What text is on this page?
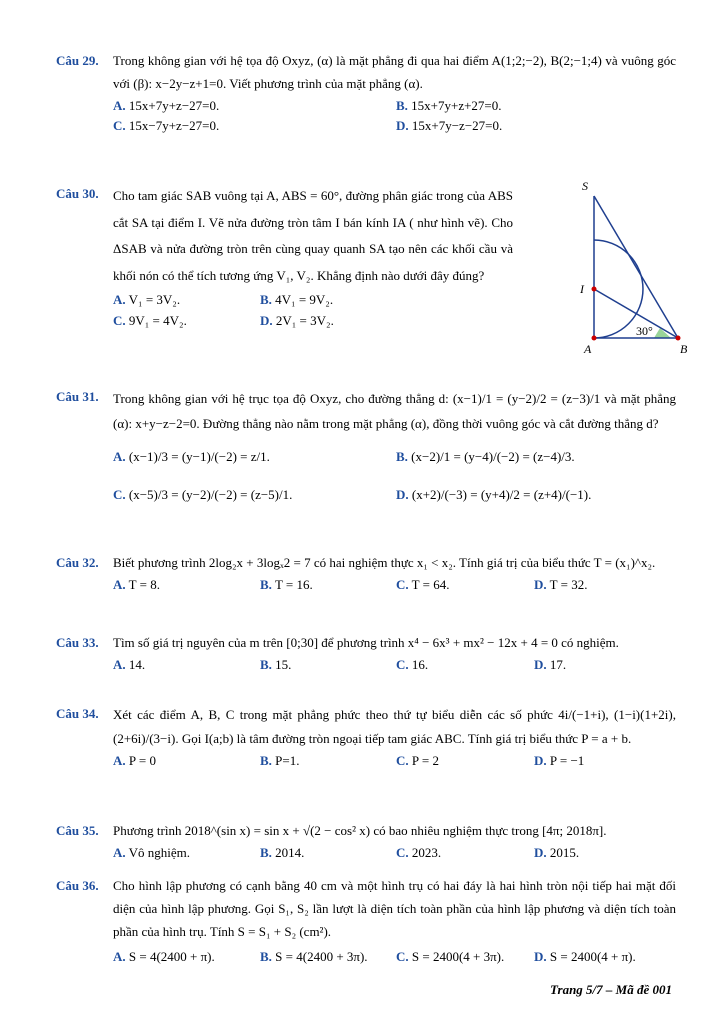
Câu 29. Trong không gian với hệ tọa độ Oxyz, (α) là mặt phẳng đi qua hai điểm A(1;2;−2), B(2;−1;4) và vuông góc với (β): x−2y−z+1=0. Viết phương trình của mặt phẳng (α).
A. 15x+7y+z−27=0.	B. 15x+7y+z+27=0.
C. 15x−7y+z−27=0.	D. 15x+7y−z−27=0.
Câu 30. Cho tam giác SAB vuông tại A, ABS = 60°, đường phân giác trong của ABS cắt SA tại điểm I. Vẽ nửa đường tròn tâm I bán kính IA ( như hình vẽ). Cho ΔSAB và nửa đường tròn trên cùng quay quanh SA tạo nên các khối cầu và khối nón có thể tích tương ứng V₁, V₂. Khẳng định nào dưới đây đúng?
A. V₁ = 3V₂.	B. 4V₁ = 9V₂.
C. 9V₁ = 4V₂.	D. 2V₁ = 3V₂.
S
I
A	B
30°
Câu 31. Trong không gian với hệ trục tọa độ Oxyz, cho đường thẳng d: (x−1)/1 = (y−2)/2 = (z−3)/1 và mặt phẳng (α): x+y−z−2=0. Đường thẳng nào nằm trong mặt phẳng (α), đồng thời vuông góc và cắt đường thẳng d?
A. (x−1)/3 = (y−1)/(−2) = z/1.	B. (x−2)/1 = (y−4)/(−2) = (z−4)/3.
C. (x−5)/3 = (y−2)/(−2) = (z−5)/1.	D. (x+2)/(−3) = (y+4)/2 = (z+4)/(−1).
Câu 32. Biết phương trình 2log₂x + 3logₓ2 = 7 có hai nghiệm thực x₁ < x₂. Tính giá trị của biểu thức T = (x₁)^x₂.
A. T = 8.	B. T = 16.	C. T = 64.	D. T = 32.
Câu 33. Tìm số giá trị nguyên của m trên [0;30] để phương trình x⁴ − 6x³ + mx² − 12x + 4 = 0 có nghiệm.
A. 14.	B. 15.	C. 16.	D. 17.
Câu 34. Xét các điểm A, B, C trong mặt phẳng phức theo thứ tự biểu diễn các số phức 4i/(−1+i), (1−i)(1+2i), (2+6i)/(3−i). Gọi I(a;b) là tâm đường tròn ngoại tiếp tam giác ABC. Tính giá trị biểu thức P = a + b.
A. P = 0	B. P=1.	C. P = 2	D. P = −1
Câu 35. Phương trình 2018^(sin x) = sin x + √(2 − cos² x) có bao nhiêu nghiệm thực trong [4π; 2018π].
A. Vô nghiệm.	B. 2014.	C. 2023.	D. 2015.
Câu 36. Cho hình lập phương có cạnh bằng 40 cm và một hình trụ có hai đáy là hai hình tròn nội tiếp hai mặt đối diện của hình lập phương. Gọi S₁, S₂ lần lượt là diện tích toàn phần của hình lập phương và diện tích toàn phần của hình trụ. Tính S = S₁ + S₂ (cm²).
A. S = 4(2400 + π).	B. S = 4(2400 + 3π). C. S = 2400(4 + 3π). D. S = 2400(4 + π).
Trang 5/7 – Mã đề 001
